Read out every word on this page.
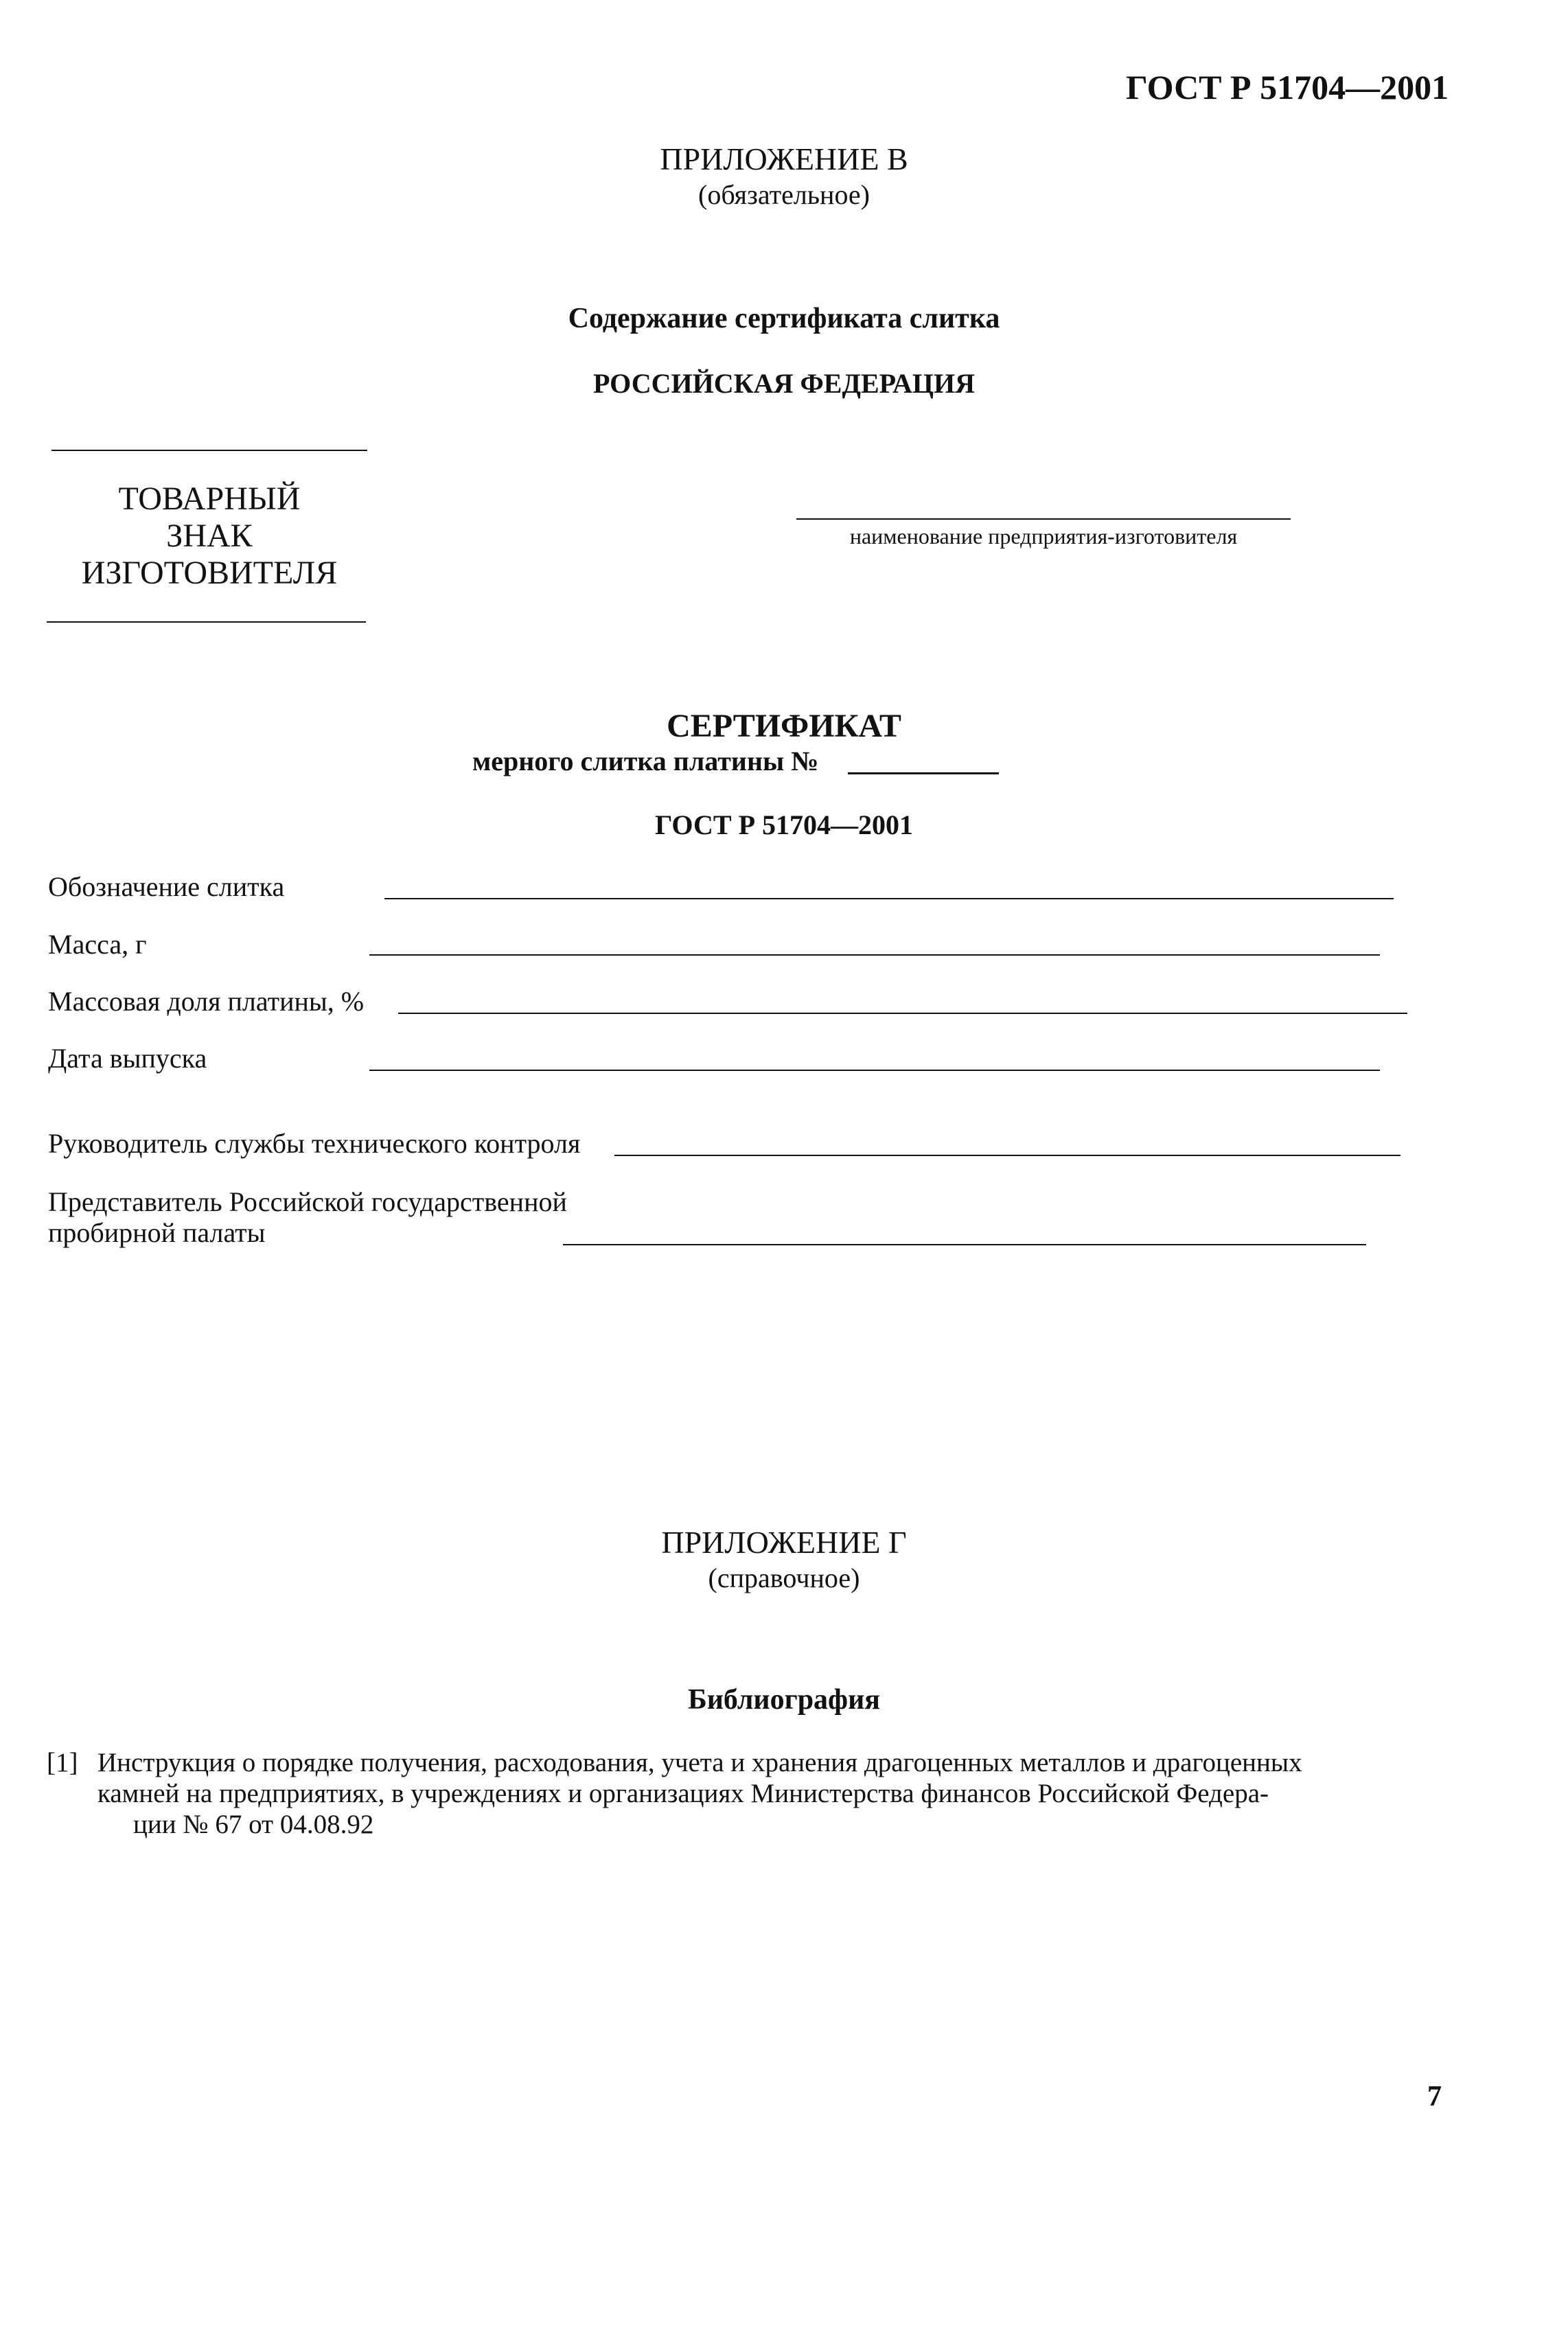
ГОСТ Р 51704—2001
ПРИЛОЖЕНИЕ В
(обязательное)
Содержание сертификата слитка
РОССИЙСКАЯ ФЕДЕРАЦИЯ
ТОВАРНЫЙ
ЗНАК
ИЗГОТОВИТЕЛЯ
наименование предприятия-изготовителя
СЕРТИФИКАТ
мерного слитка платины №
ГОСТ Р 51704—2001
Обозначение слитка
Масса, г
Массовая доля платины, %
Дата выпуска
Руководитель службы технического контроля
Представитель Российской государственной
пробирной палаты
ПРИЛОЖЕНИЕ Г
(справочное)
Библиография
[1] Инструкция о порядке получения, расходования, учета и хранения драгоценных металлов и драгоценных
камней на предприятиях, в учреждениях и организациях Министерства финансов Российской Федера-
ции № 67 от 04.08.92
7
